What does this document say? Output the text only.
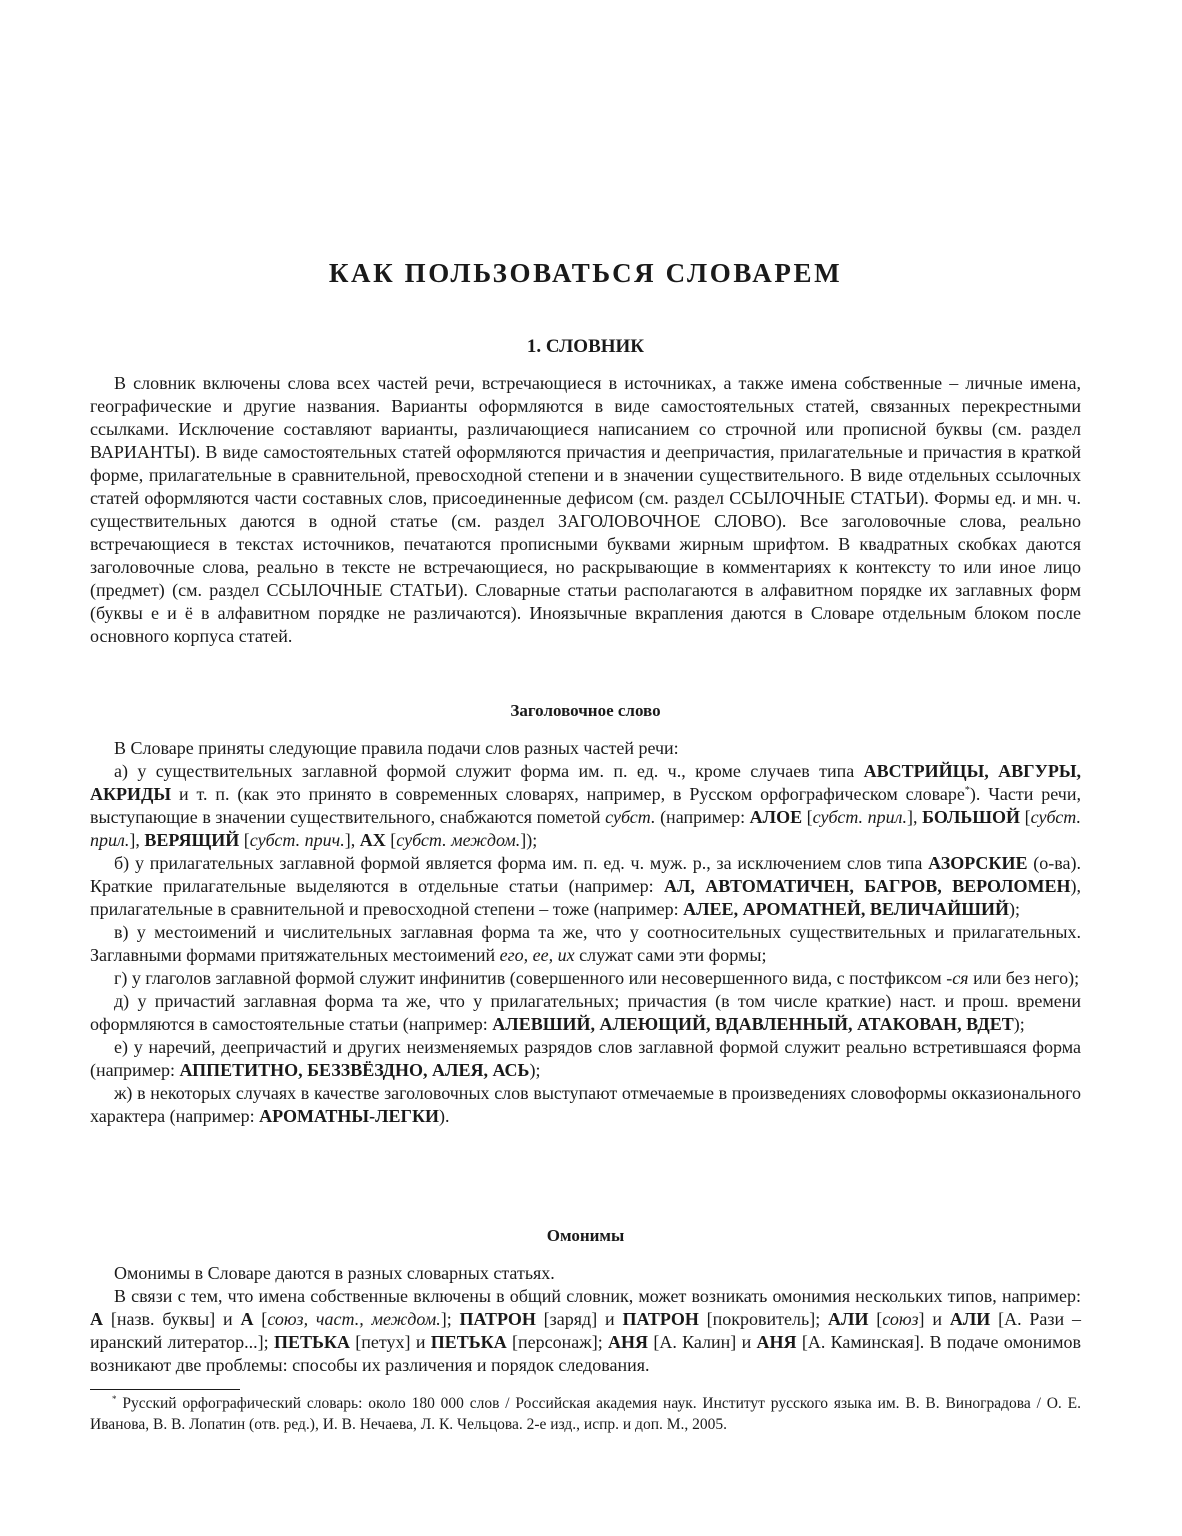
КАК ПОЛЬЗОВАТЬСЯ СЛОВАРЕМ
1. СЛОВНИК

В словник включены слова всех частей речи, встречающиеся в источниках, а также имена собственные – личные имена, географические и другие названия. Варианты оформляются в виде самостоятельных статей, связанных перекрестными ссылками. Исключение составляют варианты, различающиеся написанием со строчной или прописной буквы (см. раздел ВАРИАНТЫ). В виде самостоятельных статей оформляются причастия и деепричастия, прилагательные и причастия в краткой форме, прилагательные в сравнительной, превосходной степени и в значении существительного. В виде отдельных ссылочных статей оформляются части составных слов, присоединенные дефисом (см. раздел ССЫЛОЧНЫЕ СТАТЬИ). Формы ед. и мн. ч. существительных даются в одной статье (см. раздел ЗАГОЛОВОЧНОЕ СЛОВО). Все заголовочные слова, реально встречающиеся в текстах источников, печатаются прописными буквами жирным шрифтом. В квадратных скобках даются заголовочные слова, реально в тексте не встречающиеся, но раскрывающие в комментариях к контексту то или иное лицо (предмет) (см. раздел ССЫЛОЧНЫЕ СТАТЬИ). Словарные статьи располагаются в алфавитном порядке их заглавных форм (буквы е и ё в алфавитном порядке не различаются). Иноязычные вкрапления даются в Словаре отдельным блоком после основного корпуса статей.

Заголовочное слово

В Словаре приняты следующие правила подачи слов разных частей речи:

а) у существительных заглавной формой служит форма им. п. ед. ч., кроме случаев типа АВСТРИЙЦЫ, АВГУРЫ, АКРИДЫ и т. п. (как это принято в современных словарях, например, в Русском орфографическом словаре*). Части речи, выступающие в значении существительного, снабжаются пометой субст. (например: АЛОЕ [субст. прил.], БОЛЬШОЙ [субст. прил.], ВЕРЯЩИЙ [субст. прич.], АХ [субст. междом.]);

б) у прилагательных заглавной формой является форма им. п. ед. ч. муж. р., за исключением слов типа АЗОРСКИЕ (о-ва). Краткие прилагательные выделяются в отдельные статьи (например: АЛ, АВТОМАТИЧЕН, БАГРОВ, ВЕРОЛОМЕН), прилагательные в сравнительной и превосходной степени – тоже (например: АЛЕЕ, АРОМАТНЕЙ, ВЕЛИЧАЙШИЙ);

в) у местоимений и числительных заглавная форма та же, что у соотносительных существительных и прилагательных. Заглавными формами притяжательных местоимений его, ее, их служат сами эти формы;

г) у глаголов заглавной формой служит инфинитив (совершенного или несовершенного вида, с постфиксом -ся или без него);

д) у причастий заглавная форма та же, что у прилагательных; причастия (в том числе краткие) наст. и прош. времени оформляются в самостоятельные статьи (например: АЛЕВШИЙ, АЛЕЮЩИЙ, ВДАВЛЕННЫЙ, АТАКОВАН, ВДЕТ);

е) у наречий, деепричастий и других неизменяемых разрядов слов заглавной формой служит реально встретившаяся форма (например: АППЕТИТНО, БЕЗЗВЁЗДНО, АЛЕЯ, АСЬ);

ж) в некоторых случаях в качестве заголовочных слов выступают отмечаемые в произведениях словоформы окказионального характера (например: АРОМАТНЫ-ЛЕГКИ).

Омонимы

Омонимы в Словаре даются в разных словарных статьях.

В связи с тем, что имена собственные включены в общий словник, может возникать омонимия нескольких типов, например: А [назв. буквы] и А [союз, част., междом.]; ПАТРОН [заряд] и ПАТРОН [покровитель]; АЛИ [союз] и АЛИ [А. Рази – иранский литератор...]; ПЕТЬКА [петух] и ПЕТЬКА [персонаж]; АНЯ [А. Калин] и АНЯ [А. Каминская]. В подаче омонимов возникают две проблемы: способы их различения и порядок следования.

* Русский орфографический словарь: около 180 000 слов / Российская академия наук. Институт русского языка им. В. В. Виноградова / О. Е. Иванова, В. В. Лопатин (отв. ред.), И. В. Нечаева, Л. К. Чельцова. 2-е изд., испр. и доп. М., 2005.
